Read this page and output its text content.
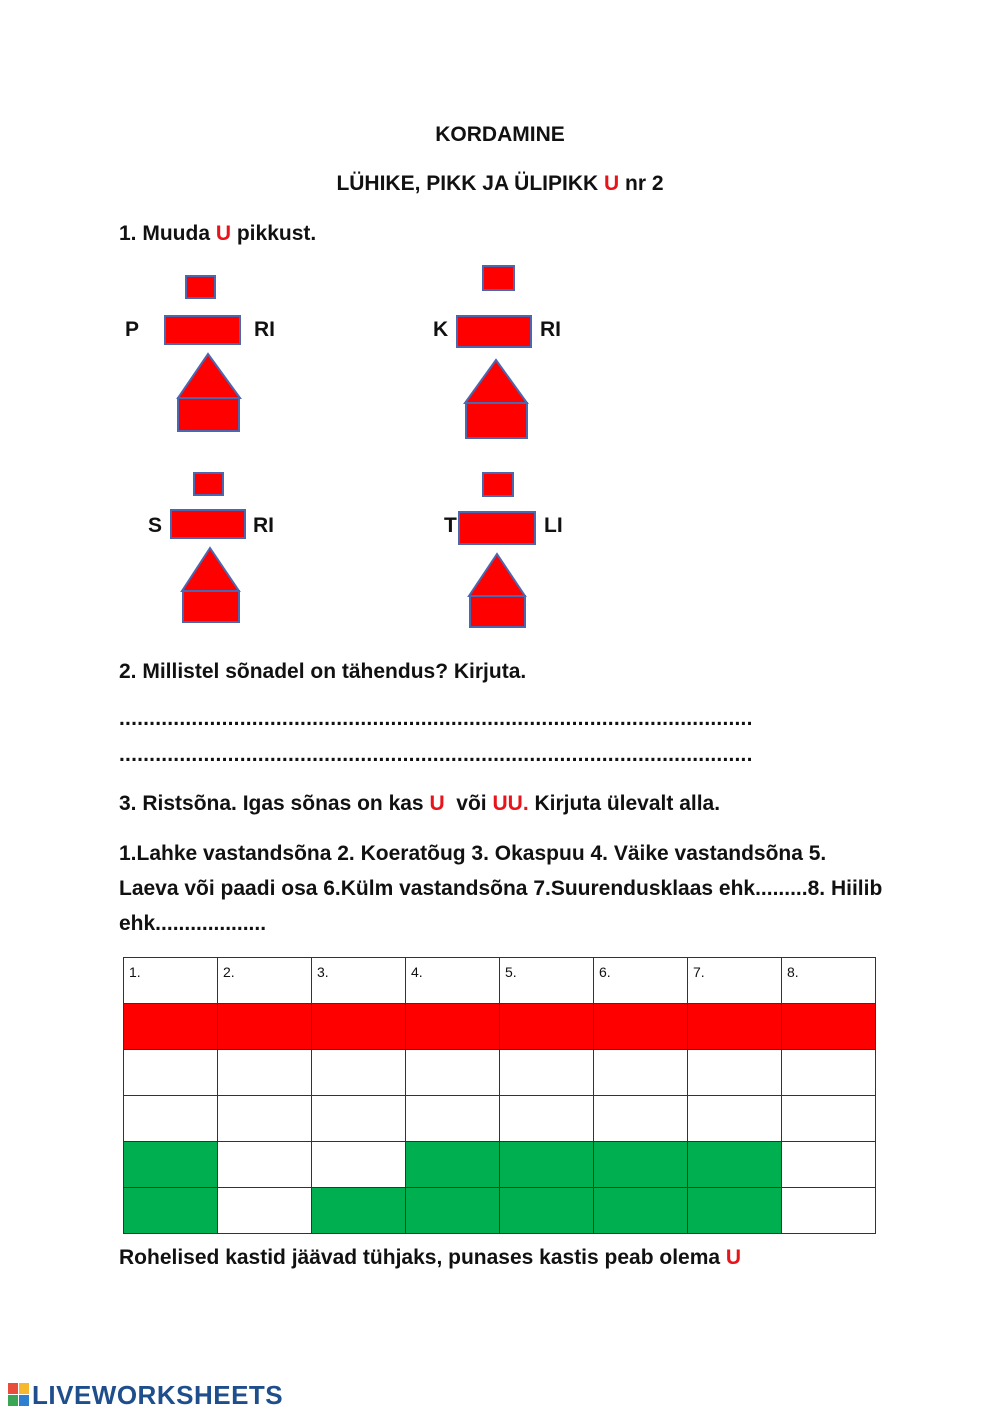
KORDAMINE
LÜHIKE, PIKK JA ÜLIPIKK U nr 2
1. Muuda U pikkust.
P	RI	K	RI
S	RI	T	LI
2. Millistel sõnadel on tähendus? Kirjuta.
.........................................................................................................
.........................................................................................................
3. Ristsõna. Igas sõnas on kas U  või UU. Kirjuta ülevalt alla.
1.Lahke vastandsõna 2. Koeratõug 3. Okaspuu 4. Väike vastandsõna 5. Laeva või paadi osa 6.Külm vastandsõna 7.Suurendusklaas ehk.........8. Hiilib ehk...................
1.	2.	3.	4.	5.	6.	7.	8.

Rohelised kastid jäävad tühjaks, punases kastis peab olema U
LIVEWORKSHEETS
